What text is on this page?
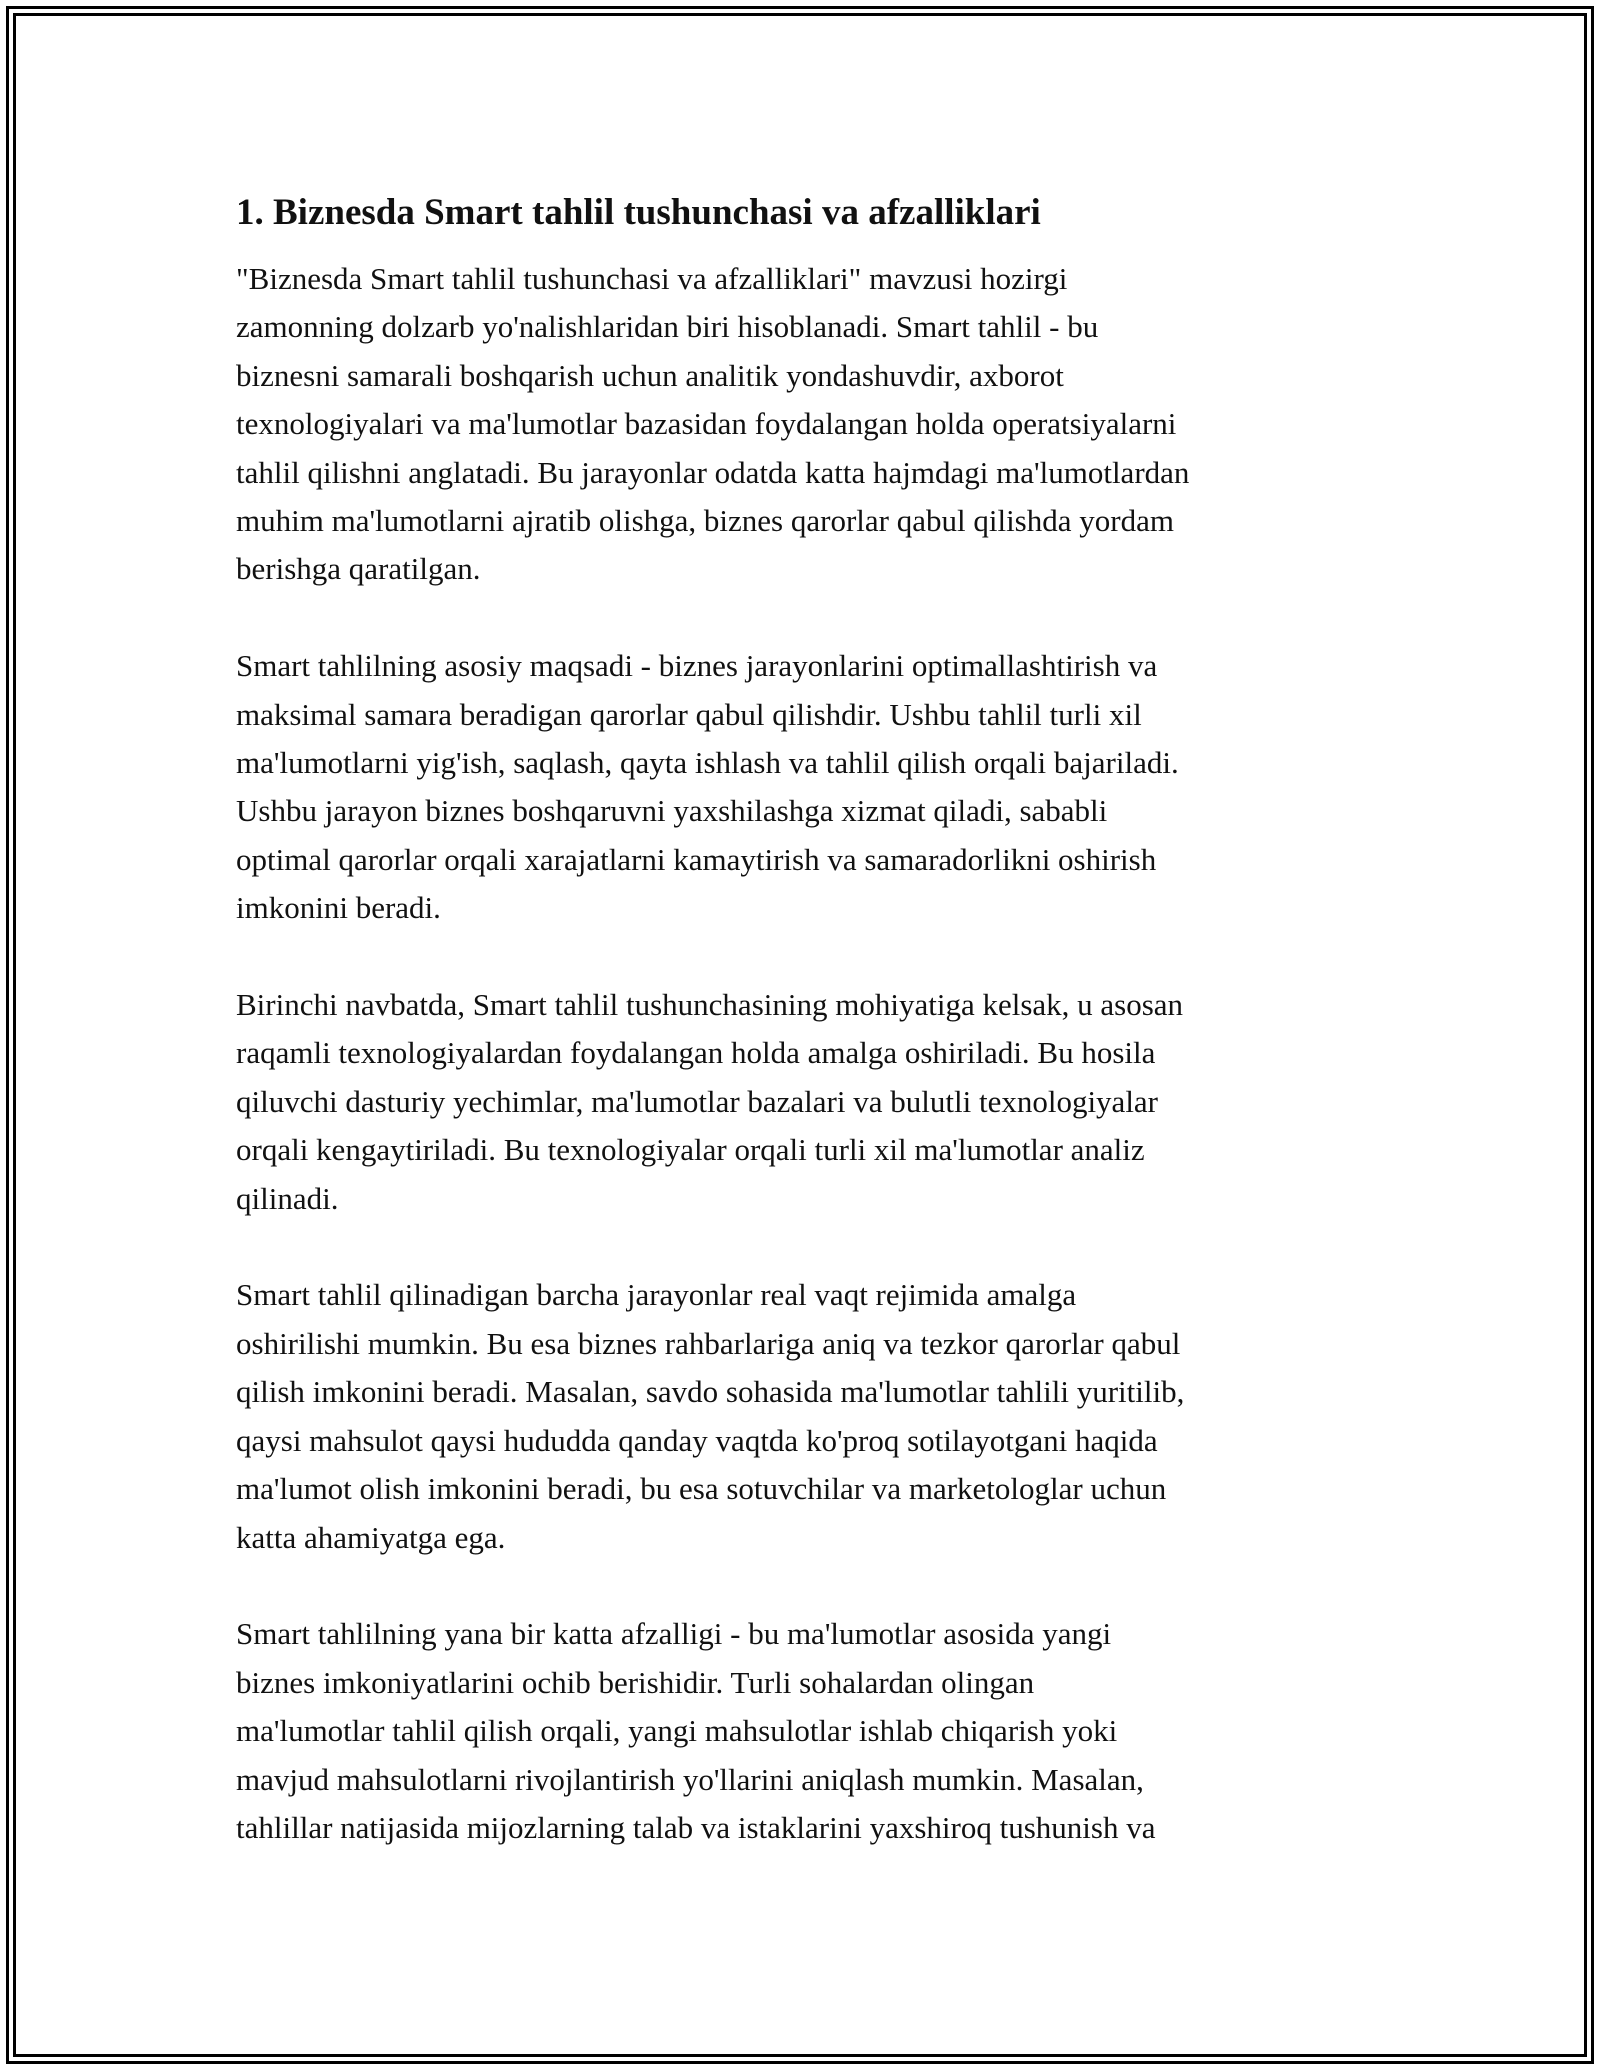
1. Biznesda Smart tahlil tushunchasi va afzalliklari

"Biznesda Smart tahlil tushunchasi va afzalliklari" mavzusi hozirgi
zamonning dolzarb yo'nalishlaridan biri hisoblanadi. Smart tahlil - bu
biznesni samarali boshqarish uchun analitik yondashuvdir, axborot
texnologiyalari va ma'lumotlar bazasidan foydalangan holda operatsiyalarni
tahlil qilishni anglatadi. Bu jarayonlar odatda katta hajmdagi ma'lumotlardan
muhim ma'lumotlarni ajratib olishga, biznes qarorlar qabul qilishda yordam
berishga qaratilgan.

Smart tahlilning asosiy maqsadi - biznes jarayonlarini optimallashtirish va
maksimal samara beradigan qarorlar qabul qilishdir. Ushbu tahlil turli xil
ma'lumotlarni yig'ish, saqlash, qayta ishlash va tahlil qilish orqali bajariladi.
Ushbu jarayon biznes boshqaruvni yaxshilashga xizmat qiladi, sababli
optimal qarorlar orqali xarajatlarni kamaytirish va samaradorlikni oshirish
imkonini beradi.

Birinchi navbatda, Smart tahlil tushunchasining mohiyatiga kelsak, u asosan
raqamli texnologiyalardan foydalangan holda amalga oshiriladi. Bu hosila
qiluvchi dasturiy yechimlar, ma'lumotlar bazalari va bulutli texnologiyalar
orqali kengaytiriladi. Bu texnologiyalar orqali turli xil ma'lumotlar analiz
qilinadi.

Smart tahlil qilinadigan barcha jarayonlar real vaqt rejimida amalga
oshirilishi mumkin. Bu esa biznes rahbarlariga aniq va tezkor qarorlar qabul
qilish imkonini beradi. Masalan, savdo sohasida ma'lumotlar tahlili yuritilib,
qaysi mahsulot qaysi hududda qanday vaqtda ko'proq sotilayotgani haqida
ma'lumot olish imkonini beradi, bu esa sotuvchilar va marketologlar uchun
katta ahamiyatga ega.

Smart tahlilning yana bir katta afzalligi - bu ma'lumotlar asosida yangi
biznes imkoniyatlarini ochib berishidir. Turli sohalardan olingan
ma'lumotlar tahlil qilish orqali, yangi mahsulotlar ishlab chiqarish yoki
mavjud mahsulotlarni rivojlantirish yo'llarini aniqlash mumkin. Masalan,
tahlillar natijasida mijozlarning talab va istaklarini yaxshiroq tushunish va
